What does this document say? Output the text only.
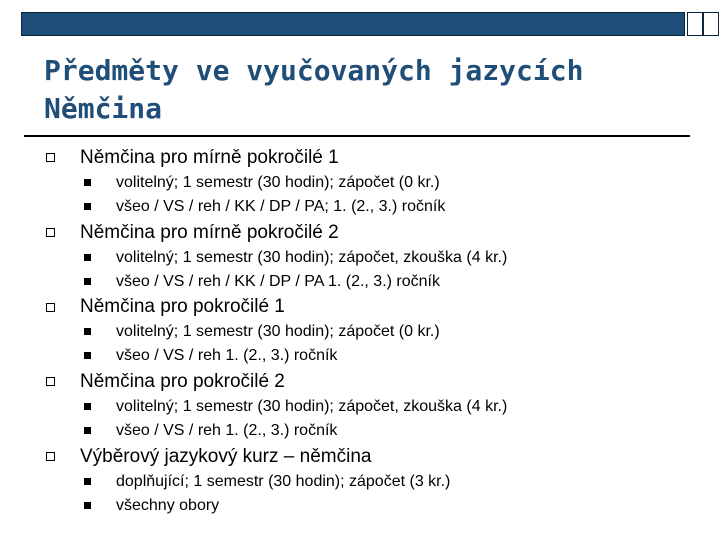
Předměty ve vyučovaných jazycích
Němčina
Němčina pro mírně pokročilé 1
volitelný; 1 semestr (30 hodin); zápočet (0 kr.)
všeo / VS / reh / KK / DP / PA; 1. (2., 3.) ročník
Němčina pro mírně pokročilé 2
volitelný; 1 semestr (30 hodin); zápočet, zkouška (4 kr.)
všeo / VS / reh / KK / DP / PA 1. (2., 3.) ročník
Němčina pro pokročilé 1
volitelný; 1 semestr (30 hodin); zápočet (0 kr.)
všeo / VS / reh 1. (2., 3.) ročník
Němčina pro pokročilé 2
volitelný; 1 semestr (30 hodin); zápočet, zkouška (4 kr.)
všeo / VS / reh 1. (2., 3.) ročník
Výběrový jazykový kurz – němčina
doplňující; 1 semestr (30 hodin); zápočet (3 kr.)
všechny obory
